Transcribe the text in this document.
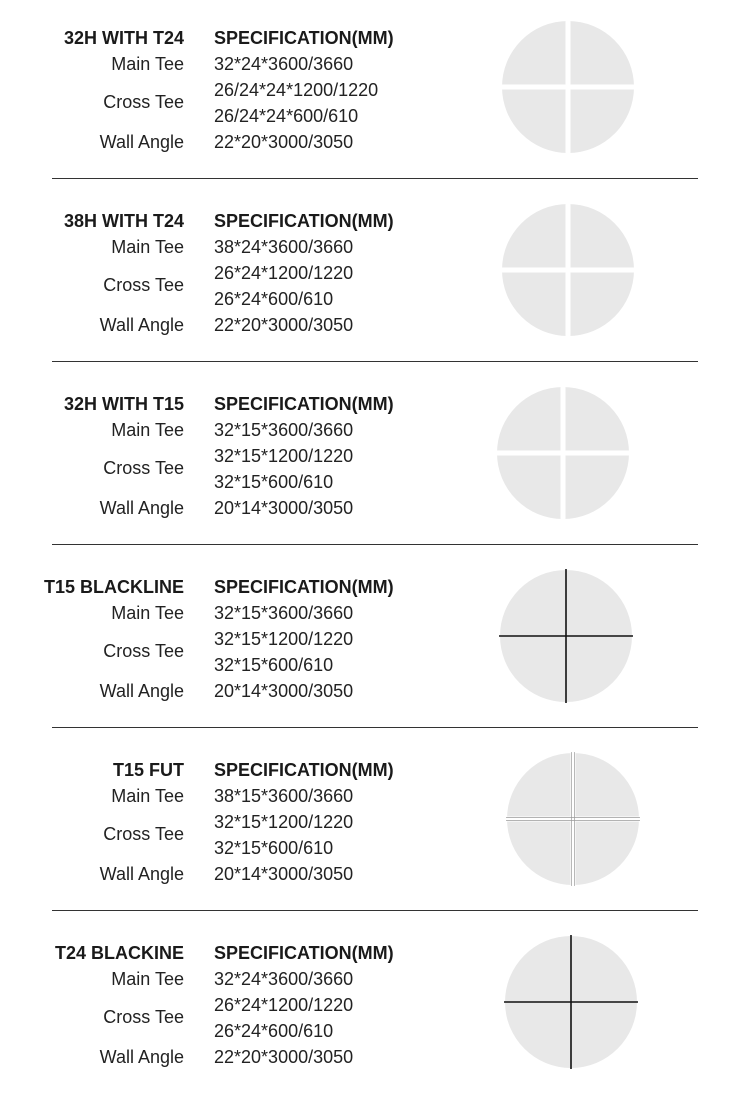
32H WITH T24 SPECIFICATION(MM)
Main Tee 32*24*3600/3660
Cross Tee
26/24*24*1200/1220
26/24*24*600/610
Wall Angle 22*20*3000/3050
38H WITH T24 SPECIFICATION(MM)
Main Tee 38*24*3600/3660
Cross Tee
26*24*1200/1220
26*24*600/610
Wall Angle 22*20*3000/3050
32H WITH T15 SPECIFICATION(MM)
Main Tee 32*15*3600/3660
Cross Tee
32*15*1200/1220
32*15*600/610
Wall Angle 20*14*3000/3050
T15 BLACKLINE SPECIFICATION(MM)
Main Tee 32*15*3600/3660
Cross Tee
32*15*1200/1220
32*15*600/610
Wall Angle 20*14*3000/3050
T15 FUT SPECIFICATION(MM)
Main Tee 38*15*3600/3660
Cross Tee
32*15*1200/1220
32*15*600/610
Wall Angle 20*14*3000/3050
T24 BLACKINE SPECIFICATION(MM)
Main Tee 32*24*3600/3660
Cross Tee
26*24*1200/1220
26*24*600/610
Wall Angle 22*20*3000/3050
